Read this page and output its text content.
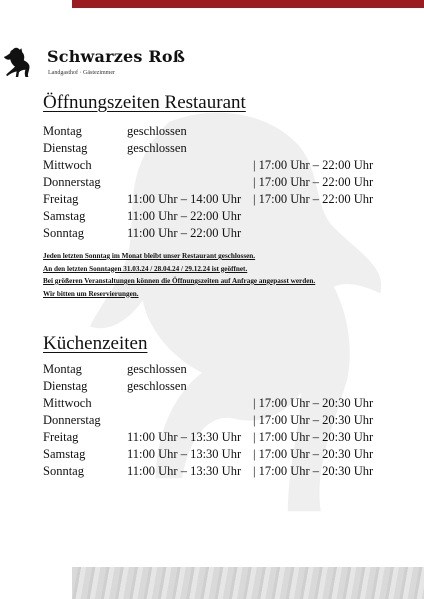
Schwarzes Roß
Landgasthof · Gästezimmer
Öffnungszeiten Restaurant
Montag	geschlossen
Dienstag	geschlossen
Mittwoch	| 17:00 Uhr – 22:00 Uhr
Donnerstag	| 17:00 Uhr – 22:00 Uhr
Freitag	11:00 Uhr – 14:00 Uhr | 17:00 Uhr – 22:00 Uhr
Samstag	11:00 Uhr – 22:00 Uhr
Sonntag	11:00 Uhr – 22:00 Uhr
Jeden letzten Sonntag im Monat bleibt unser Restaurant geschlossen.
An den letzten Sonntagen 31.03.24 / 28.04.24 / 29.12.24 ist geöffnet.
Bei größeren Veranstaltungen können die Öffnungszeiten auf Anfrage angepasst werden.
Wir bitten um Reservierungen.
Küchenzeiten
Montag	geschlossen
Dienstag	geschlossen
Mittwoch	| 17:00 Uhr – 20:30 Uhr
Donnerstag	| 17:00 Uhr – 20:30 Uhr
Freitag	11:00 Uhr – 13:30 Uhr | 17:00 Uhr – 20:30 Uhr
Samstag	11:00 Uhr – 13:30 Uhr | 17:00 Uhr – 20:30 Uhr
Sonntag	11:00 Uhr – 13:30 Uhr | 17:00 Uhr – 20:30 Uhr
